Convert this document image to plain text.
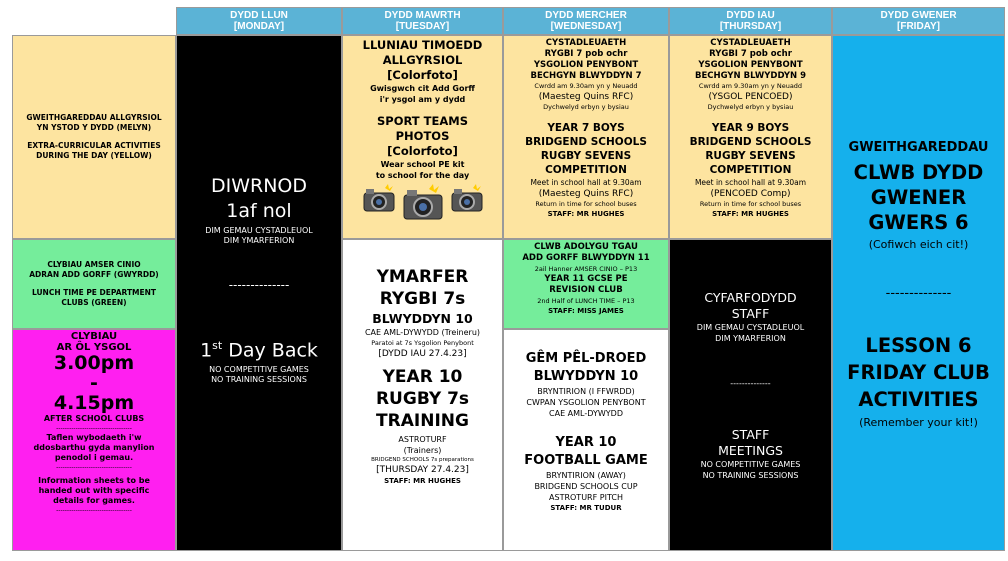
DYDD LLUN
[MONDAY]
DYDD MAWRTH
[TUESDAY]
DYDD MERCHER
[WEDNESDAY]
DYDD IAU
[THURSDAY]
DYDD GWENER
[FRIDAY]
GWEITHGAREDDAU ALLGYRSIOL
YN YSTOD Y DYDD (MELYN)
EXTRA-CURRICULAR ACTIVITIES
DURING THE DAY (YELLOW)
CLYBIAU AMSER CINIO
ADRAN ADD GORFF (GWYRDD)
LUNCH TIME PE DEPARTMENT
CLUBS (GREEN)
CLYBIAU
AR ÔL YSGOL
3.00pm
-
4.15pm
AFTER SCHOOL CLUBS
-----------------------------------
Taflen wybodaeth i'w
ddosbarthu gyda manylion
penodol i gemau.
-----------------------------------
Information sheets to be
handed out with specific
details for games.
-----------------------------------
DIWRNOD
1af nol
DIM GEMAU CYSTADLEUOL
DIM YMARFERION
--------------
1st Day Back
NO COMPETITIVE GAMES
NO TRAINING SESSIONS
LLUNIAU TIMOEDD
ALLGYRSIOL
[Colorfoto]
Gwisgwch cit Add Gorff
i'r ysgol am y dydd
SPORT TEAMS
PHOTOS
[Colorfoto]
Wear school PE kit
to school for the day
YMARFER
RYGBI 7s
BLWYDDYN 10
CAE AML-DYWYDD (Treineru)
Paratoi at 7s Ysgolion Penybont
[DYDD IAU 27.4.23]
YEAR 10
RUGBY 7s
TRAINING
ASTROTURF
(Trainers)
BRIDGEND SCHOOLS 7s preparations
[THURSDAY 27.4.23]
STAFF: MR HUGHES
CYSTADLEUAETH
RYGBI 7 pob ochr
YSGOLION PENYBONT
BECHGYN BLWYDDYN 7
Cwrdd am 9.30am yn y Neuadd
(Maesteg Quins RFC)
Dychwelyd erbyn y bysiau
YEAR 7 BOYS
BRIDGEND SCHOOLS
RUGBY SEVENS
COMPETITION
Meet in school hall at 9.30am
(Maesteg Quins RFC)
Return in time for school buses
STAFF: MR HUGHES
CLWB ADOLYGU TGAU
ADD GORFF BLWYDDYN 11
2ail Hanner AMSER CINIO – P13
YEAR 11 GCSE PE
REVISION CLUB
2nd Half of LUNCH TIME – P13
STAFF: MISS JAMES
GÊM PÊL-DROED
BLWYDDYN 10
BRYNTIRION (I FFWRDD)
CWPAN YSGOLION PENYBONT
CAE AML-DYWYDD
YEAR 10
FOOTBALL GAME
BRYNTIRION (AWAY)
BRIDGEND SCHOOLS CUP
ASTROTURF PITCH
STAFF: MR TUDUR
CYSTADLEUAETH
RYGBI 7 pob ochr
YSGOLION PENYBONT
BECHGYN BLWYDDYN 9
Cwrdd am 9.30am yn y Neuadd
(YSGOL PENCOED)
Dychwelyd erbyn y bysiau
YEAR 9 BOYS
BRIDGEND SCHOOLS
RUGBY SEVENS
COMPETITION
Meet in school hall at 9.30am
(PENCOED Comp)
Return in time for school buses
STAFF: MR HUGHES
CYFARFODYDD
STAFF
DIM GEMAU CYSTADLEUOL
DIM YMARFERION
--------------
STAFF
MEETINGS
NO COMPETITIVE GAMES
NO TRAINING SESSIONS
GWEITHGAREDDAU
CLWB DYDD
GWENER
GWERS 6
(Cofiwch eich cit!)
--------------
LESSON 6
FRIDAY CLUB
ACTIVITIES
(Remember your kit!)
